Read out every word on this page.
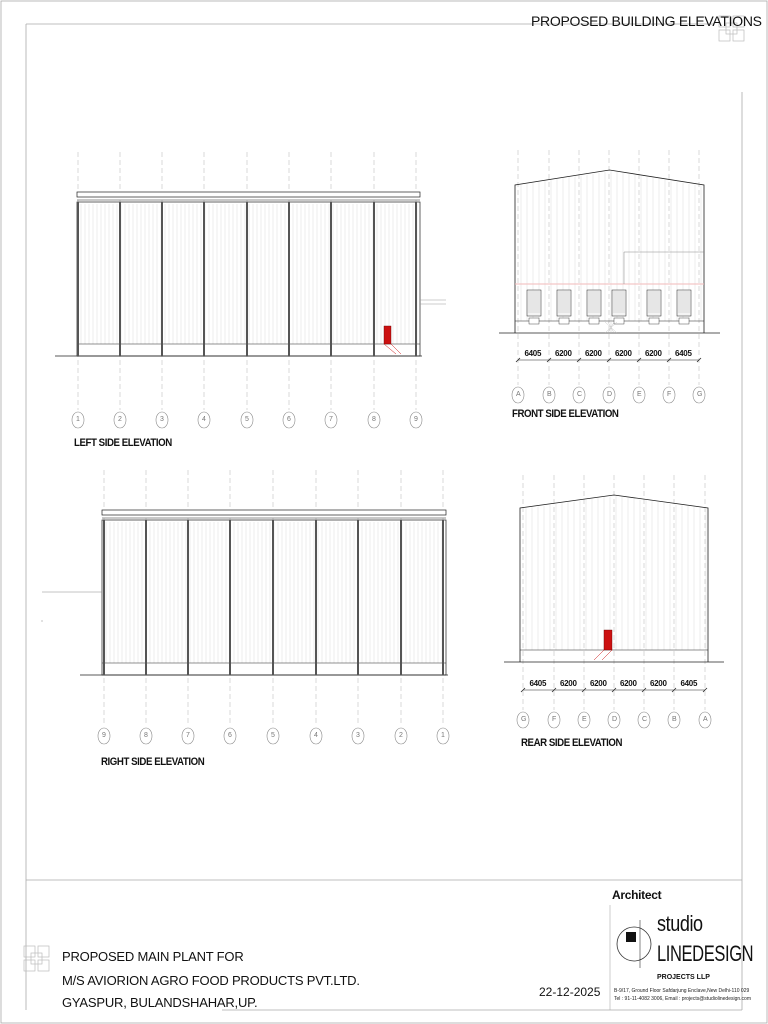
PROPOSED BUILDING ELEVATIONS
LEFT SIDE ELEVATION
FRONT SIDE ELEVATION
RIGHT SIDE ELEVATION
REAR SIDE ELEVATION
1	2	3	4	5	6	7	8	9
9	8	7	6	5	4	3	2	1
6405 6200 6200 6200 6200 6405
A	B	C	D	E	F	G
6405 6200 6200 6200 6200 6405
G	F	E	D	C	B	A
PROPOSED MAIN PLANT FOR
M/S AVIORION AGRO FOOD PRODUCTS PVT.LTD.
GYASPUR, BULANDSHAHAR,UP.
22-12-2025
Architect
studio
LINEDESIGN
PROJECTS LLP
B-9/17, Ground Floor Safdarjung Enclave,New Delhi-110 029
Tel : 91-11-4082 3006, Email : projects@studiolinedesign.com
